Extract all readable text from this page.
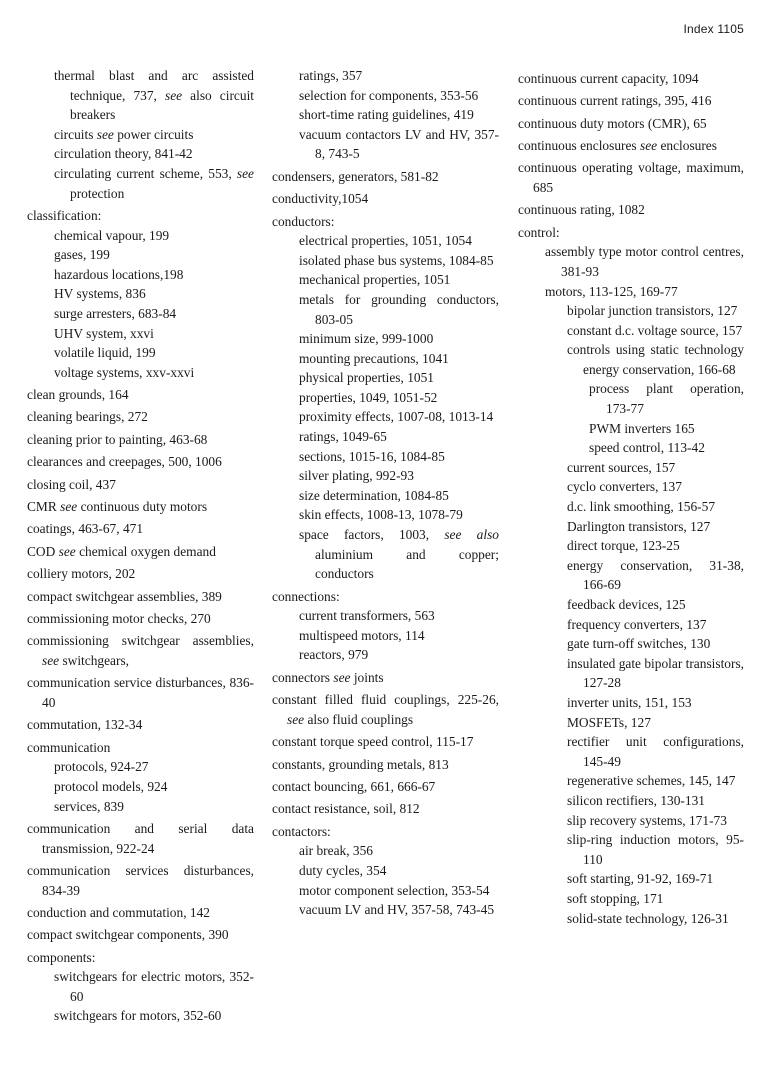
Index 1105
thermal blast and arc assisted technique, 737, see also circuit breakers
circuits see power circuits
circulation theory, 841-42
circulating current scheme, 553, see protection
classification:
chemical vapour, 199
gases, 199
hazardous locations,198
HV systems, 836
surge arresters, 683-84
UHV system, xxvi
volatile liquid, 199
voltage systems, xxv-xxvi
clean grounds, 164
cleaning bearings, 272
cleaning prior to painting, 463-68
clearances and creepages, 500, 1006
closing coil, 437
CMR see continuous duty motors
coatings, 463-67, 471
COD see chemical oxygen demand
colliery motors, 202
compact switchgear assemblies, 389
commissioning motor checks, 270
commissioning switchgear assemblies, see switchgears,
communication service disturbances, 836-40
commutation, 132-34
communication
protocols, 924-27
protocol models, 924
services, 839
communication and serial data transmission, 922-24
communication services disturbances, 834-39
conduction and commutation, 142
compact switchgear components, 390
components:
switchgears for electric motors, 352-60
switchgears for motors, 352-60
ratings, 357
selection for components, 353-56
short-time rating guidelines, 419
vacuum contactors LV and HV, 357-8, 743-5
condensers, generators, 581-82
conductivity,1054
conductors:
electrical properties, 1051, 1054
isolated phase bus systems, 1084-85
mechanical properties, 1051
metals for grounding conductors, 803-05
minimum size, 999-1000
mounting precautions, 1041
physical properties, 1051
properties, 1049, 1051-52
proximity effects, 1007-08, 1013-14
ratings, 1049-65
sections, 1015-16, 1084-85
silver plating, 992-93
size determination, 1084-85
skin effects, 1008-13, 1078-79
space factors, 1003, see also aluminium and copper; conductors
connections:
current transformers, 563
multispeed motors, 114
reactors, 979
connectors see joints
constant filled fluid couplings, 225-26, see also fluid couplings
constant torque speed control, 115-17
constants, grounding metals, 813
contact bouncing, 661, 666-67
contact resistance, soil, 812
contactors:
air break, 356
duty cycles, 354
motor component selection, 353-54
vacuum LV and HV, 357-58, 743-45
continuous current capacity, 1094
continuous current ratings, 395, 416
continuous duty motors (CMR), 65
continuous enclosures see enclosures
continuous operating voltage, maximum, 685
continuous rating, 1082
control:
assembly type motor control centres, 381-93
motors, 113-125, 169-77
bipolar junction transistors, 127
constant d.c. voltage source, 157
controls using static technology energy conservation, 166-68
process plant operation, 173-77
PWM inverters 165
speed control, 113-42
current sources, 157
cyclo converters, 137
d.c. link smoothing, 156-57
Darlington transistors, 127
direct torque, 123-25
energy conservation, 31-38, 166-69
feedback devices, 125
frequency converters, 137
gate turn-off switches, 130
insulated gate bipolar transistors, 127-28
inverter units, 151, 153
MOSFETs, 127
rectifier unit configurations, 145-49
regenerative schemes, 145, 147
silicon rectifiers, 130-131
slip recovery systems, 171-73
slip-ring induction motors, 95-110
soft starting, 91-92, 169-71
soft stopping, 171
solid-state technology, 126-31
